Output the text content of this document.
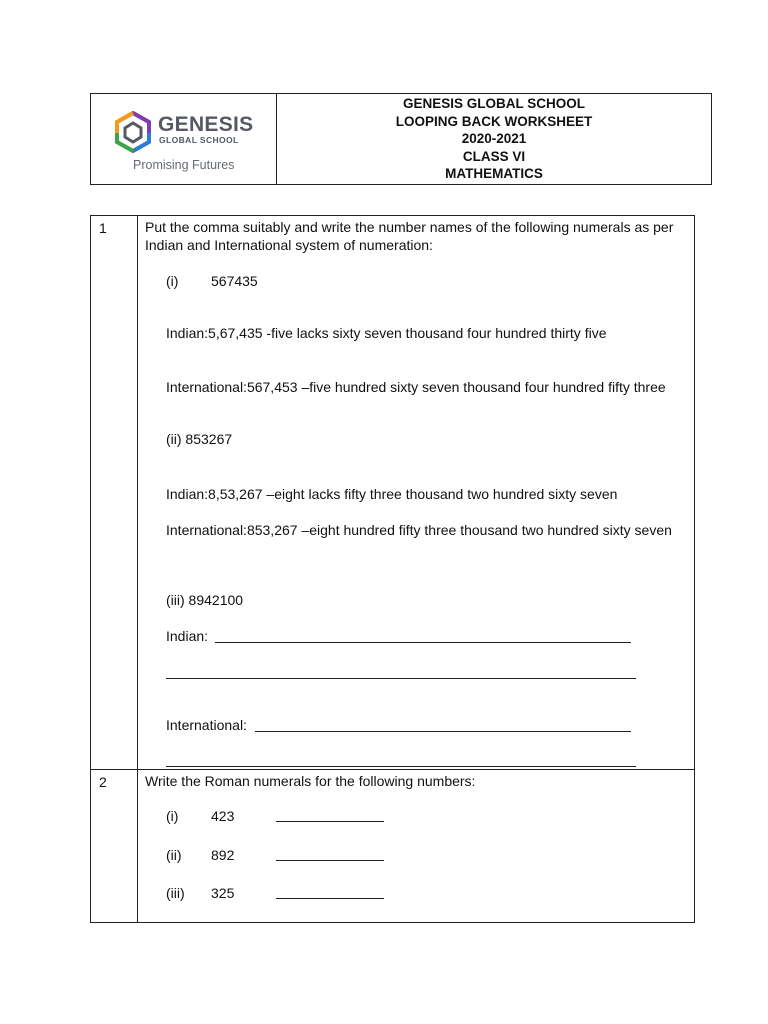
GENESIS
GLOBAL SCHOOL
Promising Futures
GENESIS GLOBAL SCHOOL
LOOPING BACK WORKSHEET
2020-2021
CLASS VI
MATHEMATICS
1	Put the comma suitably and write the number names of the following numerals as per Indian and International system of numeration:
(i)	567435
Indian:5,67,435 -five lacks sixty seven thousand four hundred thirty five
International:567,453 –five hundred sixty seven thousand four hundred fifty three
(ii) 853267
Indian:8,53,267 –eight lacks fifty three thousand two hundred sixty seven
International:853,267 –eight hundred fifty three thousand two hundred sixty seven
(iii) 8942100
Indian:
International:
2	Write the Roman numerals for the following numbers:
(i)	423
(ii)	892
(iii)	325
